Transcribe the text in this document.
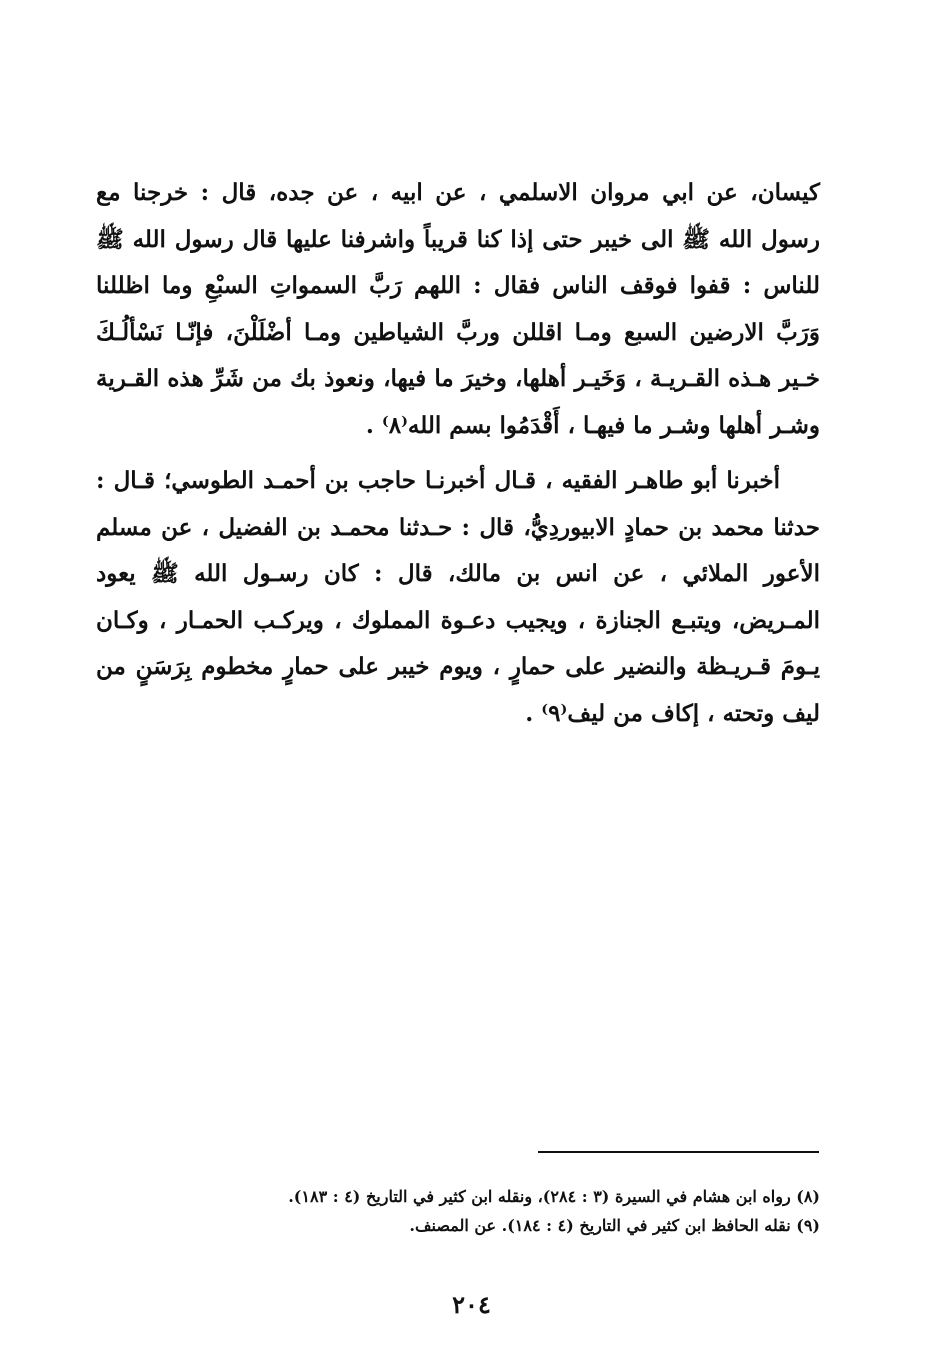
كيسان، عن ابي مروان الاسلمي ، عن ابيه ، عن جده، قال : خرجنا مع رسول الله ﷺ الى خيبر حتى إذا كنا قريباً واشرفنا عليها قال رسول الله ﷺ للناس : قفوا فوقف الناس فقال : اللهم رَبَّ السمواتِ السبْعِ وما اظللنا وَرَبَّ الارضين السبع ومـا اقللن وربَّ الشياطين ومـا أضْلَلْنَ، فإنّـا نَسْألُـكَ خـير هـذه القـريـة ، وَخَيـر أهلها، وخيرَ ما فيها، ونعوذ بك من شَرِّ هذه القـرية وشـر أهلها وشـر ما فيهـا ، أَقْدَمُوا بسم الله⁽٨⁾ .

أخبرنا أبو طاهـر الفقيه ، قـال أخبرنـا حاجب بن أحمـد الطوسي؛ قـال : حدثنا محمد بن حمادٍ الابيوردِيُّ، قال : حـدثنا محمـد بن الفضيل ، عن مسلم الأعور الملائي ، عن انس بن مالك، قال : كان رسـول الله ﷺ يعود المـريض، ويتبـع الجنازة ، ويجيب دعـوة المملوك ، ويركـب الحمـار ، وكـان يـومَ قـريـظة والنضير على حمارٍ ، ويوم خيبر على حمارٍ مخطوم بِرَسَنٍ من ليف وتحته ، إكاف من ليف⁽٩⁾ .

(٨) رواه ابن هشام في السيرة (٣ : ٢٨٤)، ونقله ابن كثير في التاريخ (٤ : ١٨٣).

(٩) نقله الحافظ ابن كثير في التاريخ (٤ : ١٨٤). عن المصنف.

٢٠٤
